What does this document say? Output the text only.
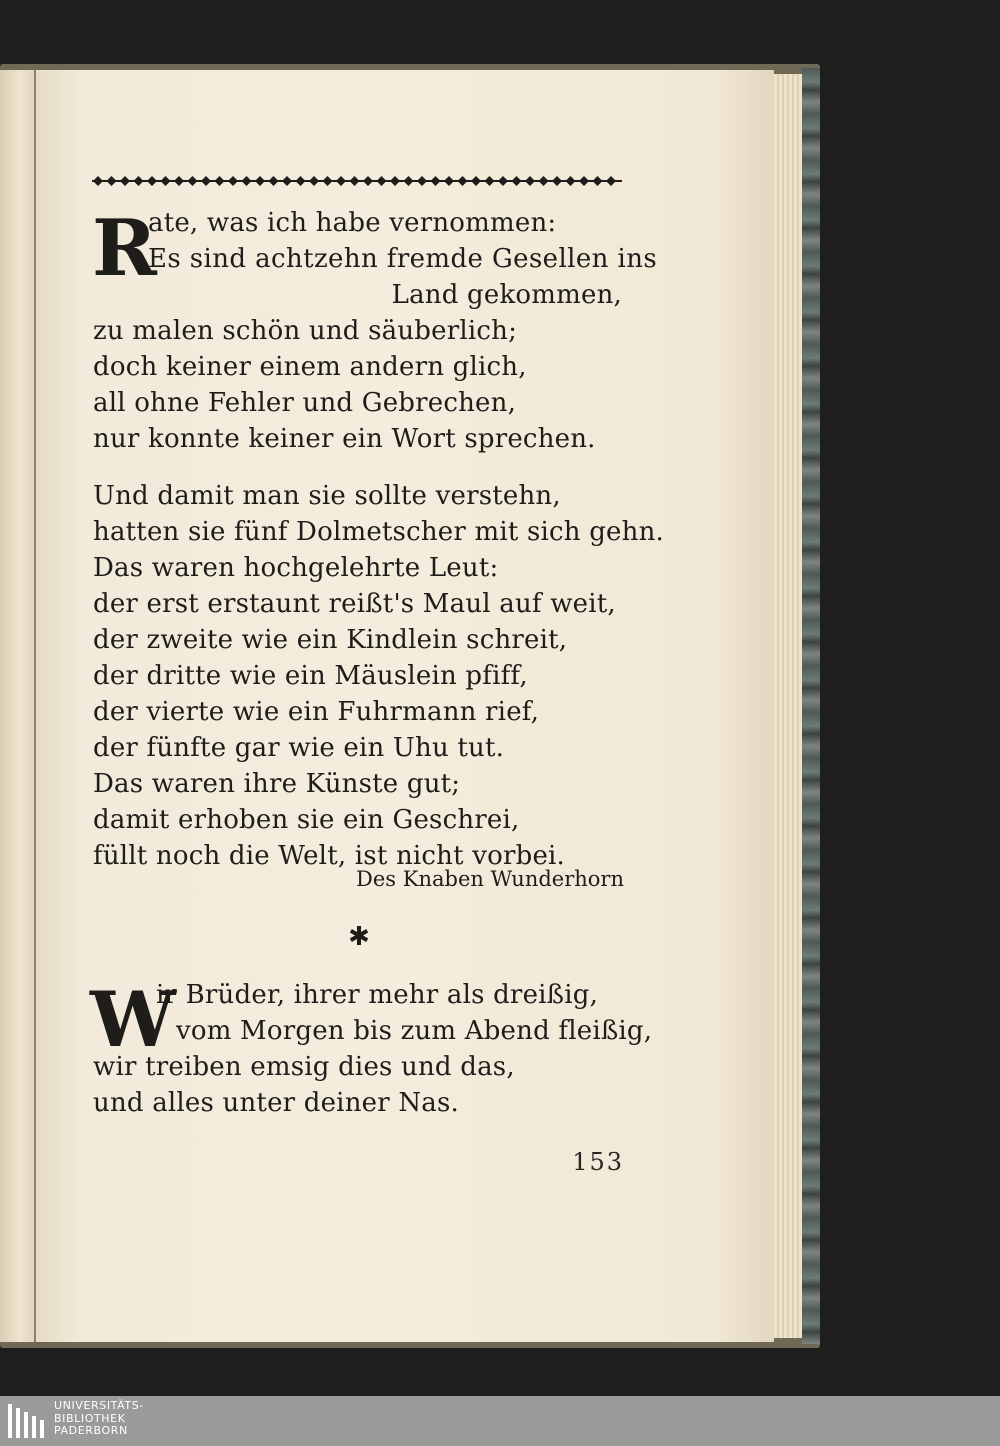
R
ate, was ich habe vernommen:
Es sind achtzehn fremde Gesellen ins
Land gekommen,
zu malen schön und säuberlich;
doch keiner einem andern glich,
all ohne Fehler und Gebrechen,
nur konnte keiner ein Wort sprechen.
Und damit man sie sollte verstehn,
hatten sie fünf Dolmetscher mit sich gehn.
Das waren hochgelehrte Leut:
der erst erstaunt reißt's Maul auf weit,
der zweite wie ein Kindlein schreit,
der dritte wie ein Mäuslein pfiff,
der vierte wie ein Fuhrmann rief,
der fünfte gar wie ein Uhu tut.
Das waren ihre Künste gut;
damit erhoben sie ein Geschrei,
füllt noch die Welt, ist nicht vorbei.
Des Knaben Wunderhorn
✱
W
ir Brüder, ihrer mehr als dreißig,
vom Morgen bis zum Abend fleißig,
wir treiben emsig dies und das,
und alles unter deiner Nas.
153
UNIVERSITÄTS-
BIBLIOTHEK
PADERBORN
